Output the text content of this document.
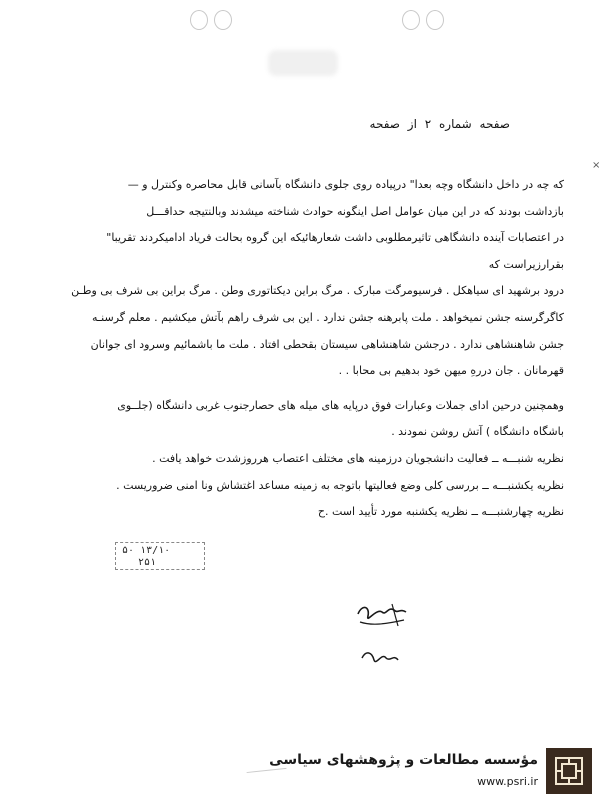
صفحه شماره ۲ از صفحه
×
که چه در داخل دانشگاه وچه بعدا" درپیاده روی جلوی دانشگاه بآسانی قابل محاصره وکنترل و —
بازداشت بودند که در این میان عوامل اصل اینگونه حوادث شناخته میشدند وبالنتیجه حداقـــل
در اعتصابات آینده دانشگاهی تاثیرمطلوبی داشت شعارهائیکه این گروه بحالت فریاد ادامیکردند تقریبا"
بقرارزیراست که
درود برشهید ای سیاهکل . فرسیومرگت مبارک . مرگ براین دیکتاتوری وطن . مرگ براین بی شرف بی وطـن
کاگرگرسنه جشن نمیخواهد . ملت پابرهنه جشن ندارد . این بی شرف راهم بآتش میکشیم . معلم گرسنـه
جشن شاهنشاهی ندارد . درجشن شاهنشاهی سیستان بقحطی افتاد . ملت ما باشمائیم وسرود ای جوانان
قهرمانان . جان دررهِ میهن خود بدهیم بی محابا . .
وهمچنین درحین ادای جملات وعبارات فوق درپایه های میله های حصارجنوب غربی دانشگاه (جلــوی
باشگاه دانشگاه ) آتش روشن نمودند .
نظریه شنبـــه ــ فعالیت دانشجویان درزمینه های مختلف اعتصاب هرروزشدت خواهد یافت .
نظریه یکشنبـــه ــ بررسی کلی وضع فعالیتها باتوجه به زمینه مساعد اغتشاش ونا امنی ضروریست .
نظریه چهارشنبـــه ــ نظریه یکشنبه مورد تأیید است .ح
۵۰ ۱۳/۱۰
۲۵۱
مؤسسه مطالعات و پژوهشهای سیاسی
www.psri.ir
